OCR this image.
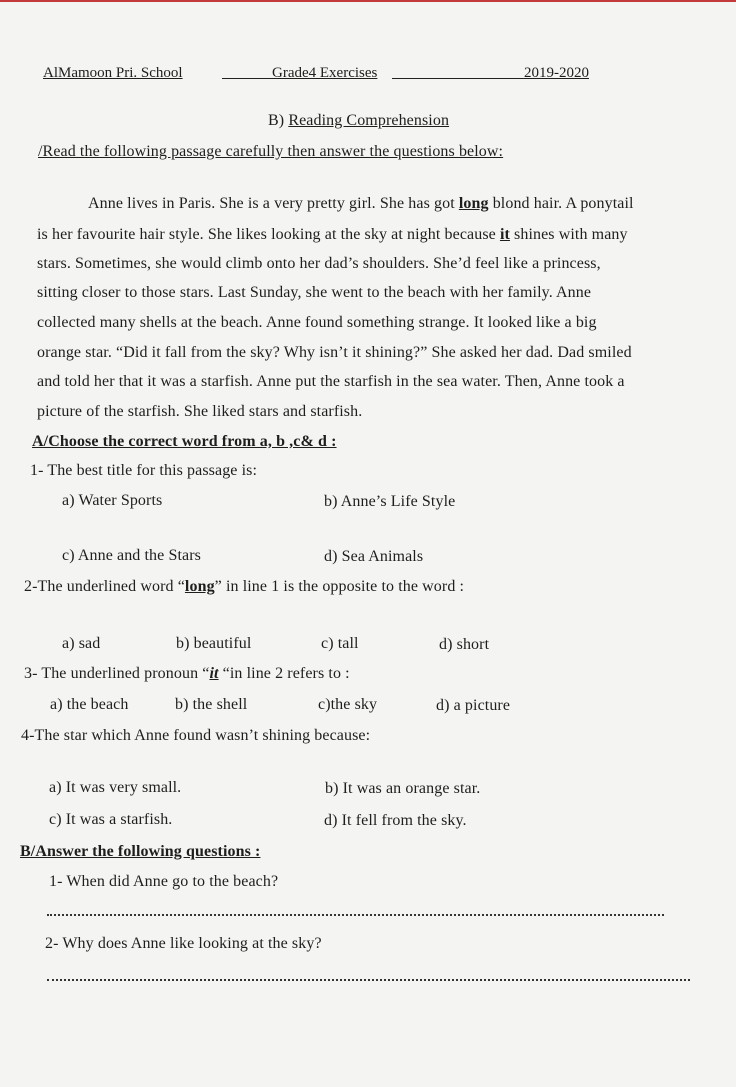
AlMamoon Pri. School	Grade4 Exercises	2019-2020
B) Reading Comprehension
/Read the following passage carefully then answer the questions below:
Anne lives in Paris. She is a very pretty girl. She has got long blond hair. A ponytail
is her favourite hair style. She likes looking at the sky at night because it shines with many
stars. Sometimes, she would climb onto her dad’s shoulders. She’d feel like a princess,
sitting closer to those stars. Last Sunday, she went to the beach with her family. Anne
collected many shells at the beach. Anne found something strange. It looked like a big
orange star. “Did it fall from the sky? Why isn’t it shining?” She asked her dad. Dad smiled
and told her that it was a starfish. Anne put the starfish in the sea water. Then, Anne took a
picture of the starfish. She liked stars and starfish.
A/Choose the correct word from a, b ,c& d :
1- The best title for this passage is:
a) Water Sports	b) Anne’s Life Style
c) Anne and the Stars	d) Sea Animals
2-The underlined word “long” in line 1 is the opposite to the word :
a) sad	b) beautiful	c) tall	d) short
3- The underlined pronoun “it “in line 2 refers to :
a) the beach	b) the shell	c)the sky	d) a picture
4-The star which Anne found wasn’t shining because:
a) It was very small.	b) It was an orange star.
c) It was a starfish.	d) It fell from the sky.
B/Answer the following questions :
1- When did Anne go to the beach?
2- Why does Anne like looking at the sky?
